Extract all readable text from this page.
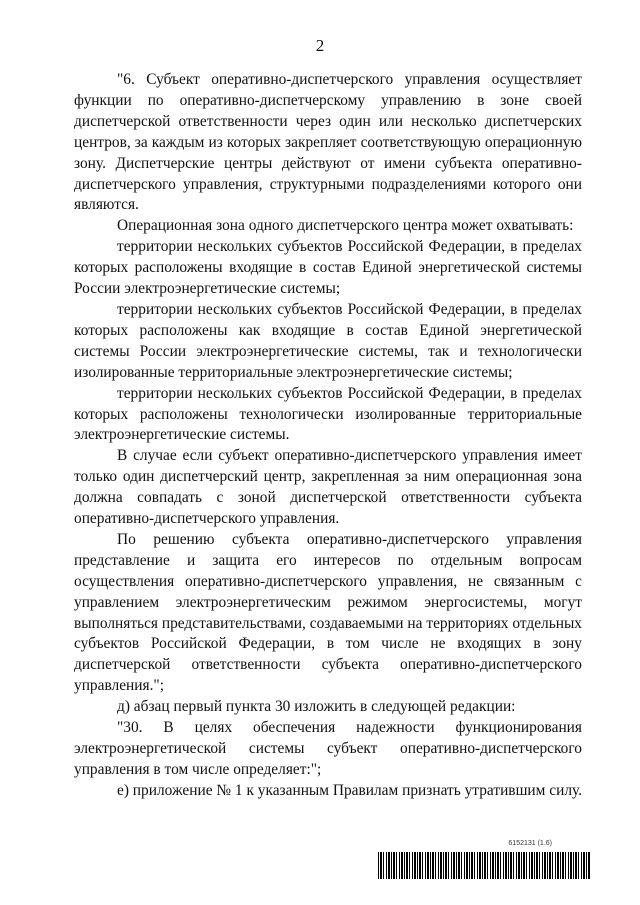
2

"6. Субъект оперативно-диспетчерского управления осуществляет функции по оперативно-диспетчерскому управлению в зоне своей диспетчерской ответственности через один или несколько диспетчерских центров, за каждым из которых закрепляет соответствующую операционную зону. Диспетчерские центры действуют от имени субъекта оперативно-диспетчерского управления, структурными подразделениями которого они являются.

Операционная зона одного диспетчерского центра может охватывать:

территории нескольких субъектов Российской Федерации, в пределах которых расположены входящие в состав Единой энергетической системы России электроэнергетические системы;

территории нескольких субъектов Российской Федерации, в пределах которых расположены как входящие в состав Единой энергетической системы России электроэнергетические системы, так и технологически изолированные территориальные электроэнергетические системы;

территории нескольких субъектов Российской Федерации, в пределах которых расположены технологически изолированные территориальные электроэнергетические системы.

В случае если субъект оперативно-диспетчерского управления имеет только один диспетчерский центр, закрепленная за ним операционная зона должна совпадать с зоной диспетчерской ответственности субъекта оперативно-диспетчерского управления.

По решению субъекта оперативно-диспетчерского управления представление и защита его интересов по отдельным вопросам осуществления оперативно-диспетчерского управления, не связанным с управлением электроэнергетическим режимом энергосистемы, могут выполняться представительствами, создаваемыми на территориях отдельных субъектов Российской Федерации, в том числе не входящих в зону диспетчерской ответственности субъекта оперативно-диспетчерского управления.";

д) абзац первый пункта 30 изложить в следующей редакции:

"30. В целях обеспечения надежности функционирования электроэнергетической системы субъект оперативно-диспетчерского управления в том числе определяет:";

е) приложение № 1 к указанным Правилам признать утратившим силу.

6152131 (1.6)
